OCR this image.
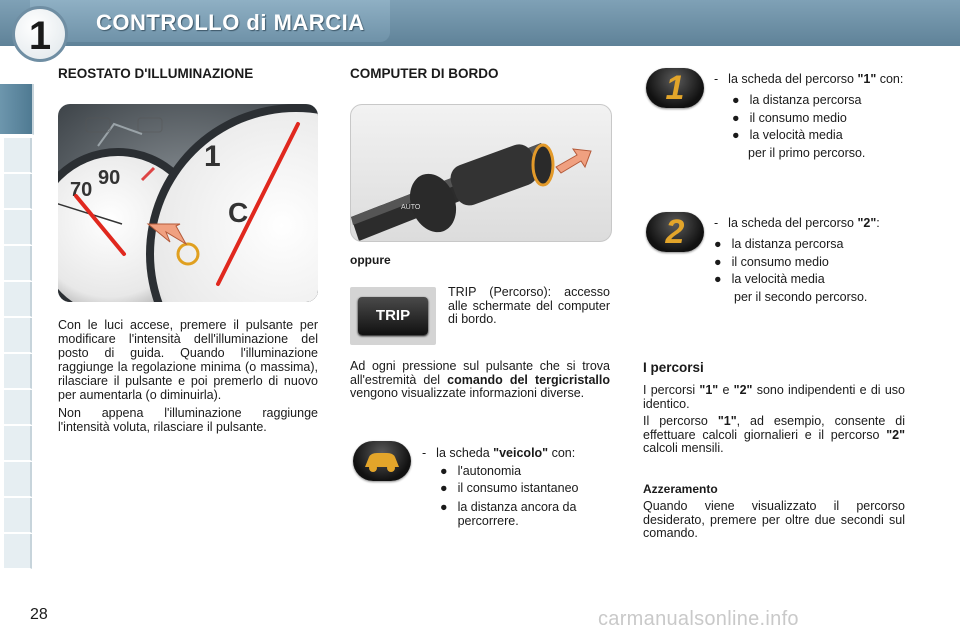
1	CONTROLLO di MARCIA
REOSTATO D'ILLUMINAZIONE
70
90
1
C

Con le luci accese, premere il pulsante per modificare l'intensità dell'illuminazione del posto di guida. Quando l'illuminazione raggiunge la regolazione minima (o massima), rilasciare il pulsante e poi premerlo di nuovo per aumentarla (o diminuirla).

Non appena l'illuminazione raggiunge l'intensità voluta, rilasciare il pulsante.

COMPUTER DI BORDO
AUTO
oppure
TRIP
TRIP (Percorso): accesso alle schermate del computer di bordo.
Ad ogni pressione sul pulsante che si trova all'estremità del comando del tergicristallo vengono visualizzate informazioni diverse.
- la scheda "veicolo" con:
● l'autonomia
● il consumo istantaneo
● la distanza ancora da percorrere.
1	- la scheda del percorso "1" con:
● la distanza percorsa
● il consumo medio
● la velocità media
per il primo percorso.
2	- la scheda del percorso "2":
● la distanza percorsa
● il consumo medio
● la velocità media
per il secondo percorso.
I percorsi

I percorsi "1" e "2" sono indipendenti e di uso identico.

Il percorso "1", ad esempio, consente di effettuare calcoli giornalieri e il percorso "2" calcoli mensili.

Azzeramento
Quando viene visualizzato il percorso desiderato, premere per oltre due secondi sul comando.
28	carmanualsonline.info
